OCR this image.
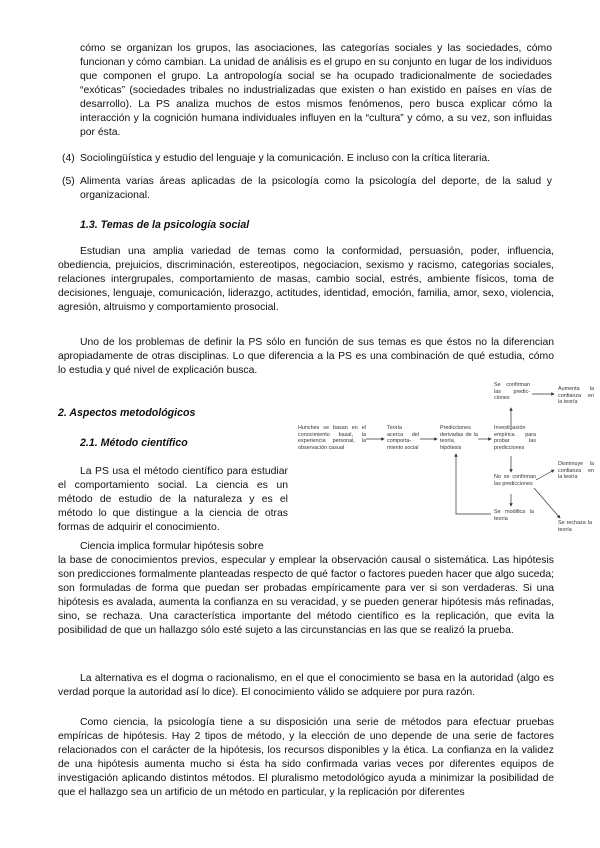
cómo se organizan los grupos, las asociaciones, las categorías sociales y las sociedades, cómo funcionan y cómo cambian. La unidad de análisis es el grupo en su conjunto en lugar de los individuos que componen el grupo. La antropología social se ha ocupado tradicionalmente de sociedades “exóticas” (sociedades tribales no industrializadas que existen o han existido en países en vías de desarrollo). La PS analiza muchos de estos mismos fenómenos, pero busca explicar cómo la interacción y la cognición humana individuales influyen en la “cultura” y cómo, a su vez, son influidas por ésta.

(4) Sociolingüística y estudio del lenguaje y la comunicación. E incluso con la crítica literaria.

(5) Alimenta varias áreas aplicadas de la psicología como la psicología del deporte, de la salud y organizacional.

1.3. Temas de la psicología social

Estudian una amplia variedad de temas como la conformidad, persuasión, poder, influencia, obediencia, prejuicios, discriminación, estereotipos, negociacion, sexismo y racismo, categorias sociales, relaciones intergrupales, comportamiento de masas, cambio social, estrés, ambiente físicos, toma de decisiones, lenguaje, comunicación, liderazgo, actitudes, identidad, emoción, familia, amor, sexo, violencia, agresión, altruismo y comportamiento prosocial.

Uno de los problemas de definir la PS sólo en función de sus temas es que éstos no la diferencian apropiadamente de otras disciplinas. Lo que diferencia a la PS es una combinación de qué estudia, cómo lo estudia y qué nivel de explicación busca.

2. Aspectos metodológicos
2.1. Método científico

La PS usa el método científico para estudiar el comportamiento social. La ciencia es un método de estudio de la naturaleza y es el método lo que distingue a la ciencia de otras formas de adquirir el conocimiento.

Ciencia implica formular hipótesis sobre

la base de conocimientos previos, especular y emplear la observación causal o sistemática. Las hipótesis son predicciones formalmente planteadas respecto de qué factor o factores pueden hacer que algo suceda; son formuladas de forma que puedan ser probadas empíricamente para ver si son verdaderas. Si una hipótesis es avalada, aumenta la confianza en su veracidad, y se pueden generar hipótesis más refinadas, sino, se rechaza. Una característica importante del método científico es la replicación, que evita la posibilidad de que un hallazgo sólo esté sujeto a las circunstancias en las que se realizó la prueba.

La alternativa es el dogma o racionalismo, en el que el conocimiento se basa en la autoridad (algo es verdad porque la autoridad así lo dice). El conocimiento válido se adquiere por pura razón.

Como ciencia, la psicología tiene a su disposición una serie de métodos para efectuar pruebas empíricas de hipótesis. Hay 2 tipos de método, y la elección de uno depende de una serie de factores relacionados con el carácter de la hipótesis, los recursos disponibles y la ética. La confianza en la validez de una hipótesis aumenta mucho si ésta ha sido confirmada varias veces por diferentes equipos de investigación aplicando distintos métodos. El pluralismo metodológico ayuda a minimizar la posibilidad de que el hallazgo sea un artificio de un método en particular, y la replicación por diferentes

Hunches se basan en el conocimiento basal, la experiencia personal, la observación casual

Teoría acerca del comporta-miento social

Predicciones derivadas de la teoría, hipótesis

Investigación empírica para probar las predicciones

Se confirman las predic-ciones

Aumenta la confianza en la teoría

No se confirman las predicciones

Disminuye la confianza en la teoría

Se modifica la teoría

Se rechaza la teoría
